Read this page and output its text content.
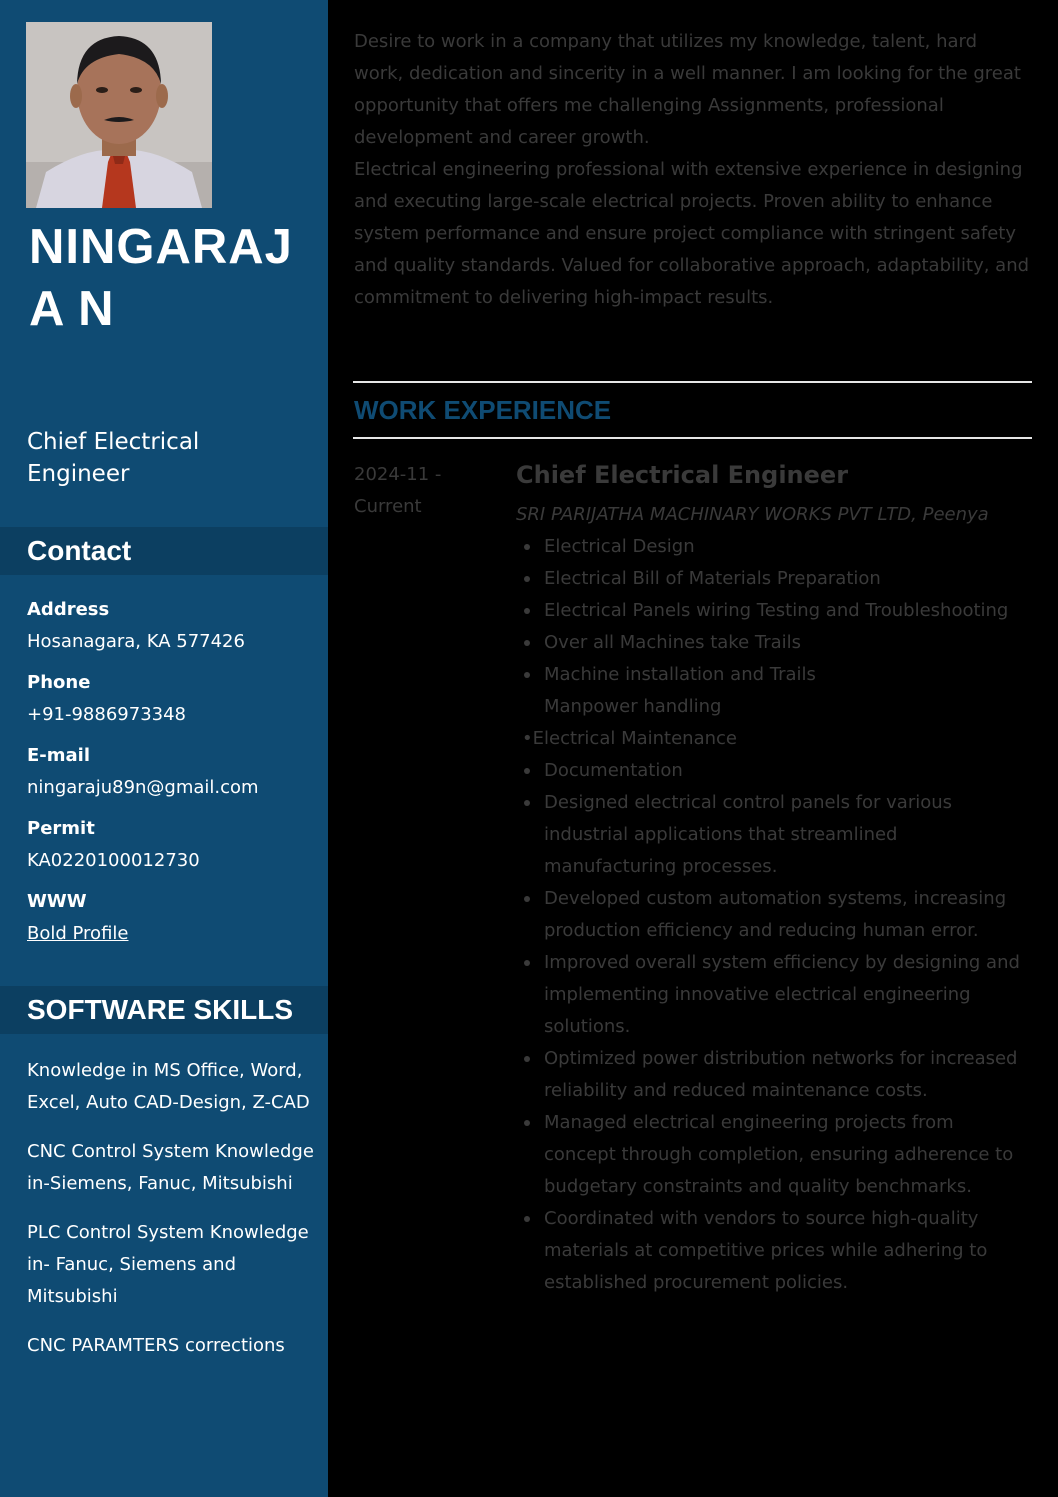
NINGARAJA N
Chief Electrical Engineer
Contact
Address
Hosanagara, KA 577426
Phone
+91-9886973348
E-mail
ningaraju89n@gmail.com
Permit
KA0220100012730
WWW
Bold Profile
SOFTWARE SKILLS
Knowledge in MS Office, Word, Excel, Auto CAD-Design, Z-CAD
CNC Control System Knowledge in-Siemens, Fanuc, Mitsubishi
PLC Control System Knowledge in- Fanuc, Siemens and Mitsubishi
CNC PARAMTERS corrections

Desire to work in a company that utilizes my knowledge, talent, hard work, dedication and sincerity in a well manner. I am looking for the great opportunity that offers me challenging Assignments, professional development and career growth.

Electrical engineering professional with extensive experience in designing and executing large-scale electrical projects. Proven ability to enhance system performance and ensure project compliance with stringent safety and quality standards. Valued for collaborative approach, adaptability, and commitment to delivering high-impact results.

WORK EXPERIENCE
2024-11 -
Current
Chief Electrical Engineer
SRI PARIJATHA MACHINARY WORKS PVT LTD, Peenya
Electrical Design
Electrical Bill of Materials Preparation
Electrical Panels wiring Testing and Troubleshooting
Over all Machines take Trails
Machine installation and Trails
Manpower handling
•Electrical Maintenance
Documentation
Designed electrical control panels for various industrial applications that streamlined manufacturing processes.
Developed custom automation systems, increasing production efficiency and reducing human error.
Improved overall system efficiency by designing and implementing innovative electrical engineering solutions.
Optimized power distribution networks for increased reliability and reduced maintenance costs.
Managed electrical engineering projects from concept through completion, ensuring adherence to budgetary constraints and quality benchmarks.
Coordinated with vendors to source high-quality materials at competitive prices while adhering to established procurement policies.
